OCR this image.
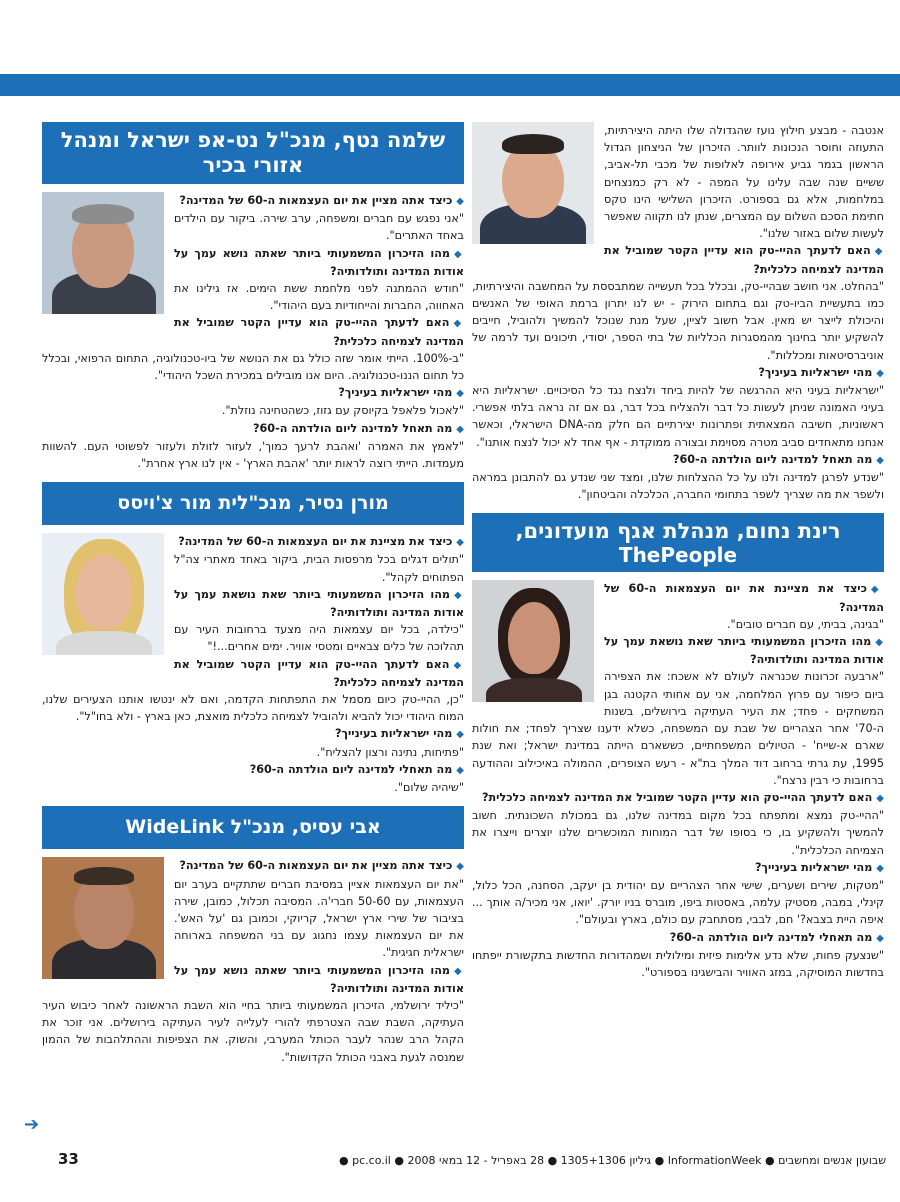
שלמה נטף, מנכ"ל נט-אפ ישראל ומנהל אזורי בכיר

◆כיצד אתה מציין את יום העצמאות ה-60 של המדינה?

"אני נפגש עם חברים ומשפחה, ערב שירה. ביקור עם הילדים באחד האתרים".

◆מהו הזיכרון המשמעותי ביותר שאתה נושא עמך על אודות המדינה ותולדותיה?

"חודש ההמתנה לפני מלחמת ששת הימים. אז גילינו את האחווה, החברות והייחודיות בעם היהודי".

◆האם לדעתך ההיי-טק הוא עדיין הקטר שמוביל את המדינה לצמיחה כלכלית?

"ב-100%. הייתי אומר שזה כולל גם את הנושא של ביו-טכנולוגיה, התחום הרפואי, ובכלל כל תחום הננו-טכנולוגיה. היום אנו מובילים במכירת השכל היהודי".

◆מהי ישראליות בעיניך?

"לאכול פלאפל בקיוסק עם גזוז, כשהטחינה נוזלת".

◆מה תאחל למדינה ליום הולדתה ה-60?

"לאמץ את האמרה 'ואהבת לרעך כמוך', לעזור לזולת ולעזור לפשוטי העם. להשוות מעמדות. הייתי רוצה לראות יותר 'אהבת הארץ' - אין לנו ארץ אחרת".

מורן נסיר, מנכ"לית מור צ'ויסס

◆כיצד את מציינת את יום העצמאות ה-60 של המדינה?

"תולים דגלים בכל מרפסות הבית, ביקור באחד מאתרי צה"ל הפתוחים לקהל".

◆מהו הזיכרון המשמעותי ביותר שאת נושאת עמך על אודות המדינה ותולדותיה?

"כילדה, בכל יום עצמאות היה מצעד ברחובות העיר עם תהלוכה של כלים צבאיים ומטסי אוויר. ימים אחרים...!"

◆האם לדעתך ההיי-טק הוא עדיין הקטר שמוביל את המדינה לצמיחה כלכלית?

"כן, ההיי-טק כיום מסמל את התפתחות הקדמה, ואם לא ינטשו אותנו הצעירים שלנו, המוח היהודי יכול להביא ולהוביל לצמיחה כלכלית מואצת, כאן בארץ - ולא בחו"ל".

◆מהי ישראליות בעינייך?

"פתיחות, נתינה ורצון להצליח".

◆מה תאחלי למדינה ליום הולדתה ה-60?

"שיהיה שלום".

אבי עסיס, מנכ"ל WideLink

◆כיצד אתה מציין את יום העצמאות ה-60 של המדינה?

"את יום העצמאות אציין במסיבת חברים שתתקיים בערב יום העצמאות, עם 50-60 חברי'ה. המסיבה תכלול, כמובן, שירה בציבור של שירי ארץ ישראל, קריוקי, וכמובן גם 'על האש'. את יום העצמאות עצמו נחגוג עם בני המשפחה בארוחה ישראלית חגיגית".

◆מהו הזיכרון המשמעותי ביותר שאתה נושא עמך על אודות המדינה ותולדותיה?

"כיליד ירושלמי, הזיכרון המשמעותי ביותר בחיי הוא השבת הראשונה לאחר כיבוש העיר העתיקה, השבת שבה הצטרפתי להורי לעלייה לעיר העתיקה בירושלים. אני זוכר את הקהל הרב שנהר לעבר הכותל המערבי, והשוק. את הצפיפות וההתלהבות של ההמון שמנסה לגעת באבני הכותל הקדושות".

אנטבה - מבצע חילוץ נועז שהגדולה שלו היתה היצירתיות, התעוזה וחוסר הנכונות לוותר. הזיכרון של הניצחון הגדול הראשון בגמר גביע אירופה לאלופות של מכבי תל-אביב, ששיים שנה שבה עלינו על המפה - לא רק כמנצחים במלחמות, אלא גם בספורט. הזיכרון השלישי הינו טקס חתימת הסכם השלום עם המצרים, שנתן לנו תקווה שאפשר לעשות שלום באזור שלנו".

◆האם לדעתך ההיי-טק הוא עדיין הקטר שמוביל את המדינה לצמיחה כלכלית?

"בהחלט. אני חושב שבהיי-טק, ובכלל בכל תעשייה שמתבססת על המחשבה והיצירתיות, כמו בתעשיית הביו-טק וגם בתחום הירוק - יש לנו יתרון ברמת האופי של האנשים והיכולת לייצר יש מאין. אבל חשוב לציין, שעל מנת שנוכל להמשיך ולהוביל, חייבים להשקיע יותר בחינוך מהמסגרות הכלליות של בתי הספר, יסודי, תיכונים ועד לרמה של אוניברסיטאות ומכללות".

◆מהי ישראליות בעיניך?

"ישראליות בעיני היא ההרגשה של להיות ביחד ולנצח נגד כל הסיכויים. ישראליות היא בעיני האמונה שניתן לעשות כל דבר ולהצליח בכל דבר, גם אם זה נראה בלתי אפשרי. ראשוניות, חשיבה המצאתית ופתרונות יצירתיים הם חלק מה-DNA הישראלי, וכאשר אנחנו מתאחדים סביב מטרה מסוימת ובצורה ממוקדת - אף אחד לא יכול לנצח אותנו".

◆מה תאחל למדינה ליום הולדתה ה-60?

"שנדע לפרגן למדינה ולנו על כל ההצלחות שלנו, ומצד שני שנדע גם להתבונן במראה ולשפר את מה שצריך לשפר בתחומי החברה, הכלכלה והביטחון".

רינת נחום, מנהלת אגף מועדונים,
ThePeople

◆כיצד את מציינת את יום העצמאות ה-60 של המדינה?

"בגינה, בביתי, עם חברים טובים".

◆מהו הזיכרון המשמעותי ביותר שאת נושאת עמך על אודות המדינה ותולדותיה?

"ארבעה זכרונות שכנראה לעולם לא אשכח: את הצפירה ביום כיפור עם פרוץ המלחמה, אני עם אחותי הקטנה בגן המשחקים - פחד; את העיר העתיקה בירושלים, בשנות ה-70' אחר הצהריים של שבת עם המשפחה, כשלא ידענו שצריך לפחד; את חולות שארם א-שייח' - הטיולים המשפחתיים, כששארם הייתה במדינת ישראל; ואת שנת 1995, עת גרתי ברחוב דוד המלך בת"א - רעש הצופרים, ההמולה באיכילוב וההודעה ברחובות כי רבין נרצח".

◆האם לדעתך ההיי-טק הוא עדיין הקטר שמוביל את המדינה לצמיחה כלכלית?

"ההיי-טק נמצא ומתפתח בכל מקום במדינה שלנו, גם במכולת השכונתית. חשוב להמשיך ולהשקיע בו, כי בסופו של דבר המוחות המוכשרים שלנו יוצרים וייצרו את הצמיחה הכלכלית".

◆מהי ישראליות בעינייך?

"מטקות, שירים ושערים, שישי אחר הצהריים עם יהודית בן יעקב, הסחנה, הכל כלול, קינלי, במבה, מסטיק עלמה, באסטות ביפו, מוברס בניו יורק. 'יואו, אני מכיר/ה אותך ... איפה היית בצבא?' חם, לבבי, מסתחבק עם כולם, בארץ ובעולם".

◆מה תאחלי למדינה ליום הולדתה ה-60?

"שנצעק פחות, שלא נדע אלימות פיזית ומילולית ושמהדורות החדשות בתקשורת ייפתחו בחדשות המוסיקה, במזג האוויר והבישגינו בספורט".

➔
שבועון אנשים ומחשבים ● InformationWeek ● גיליון 1305+1306 ● 28 באפריל - 12 במאי 2008 ● pc.co.il ●
33
